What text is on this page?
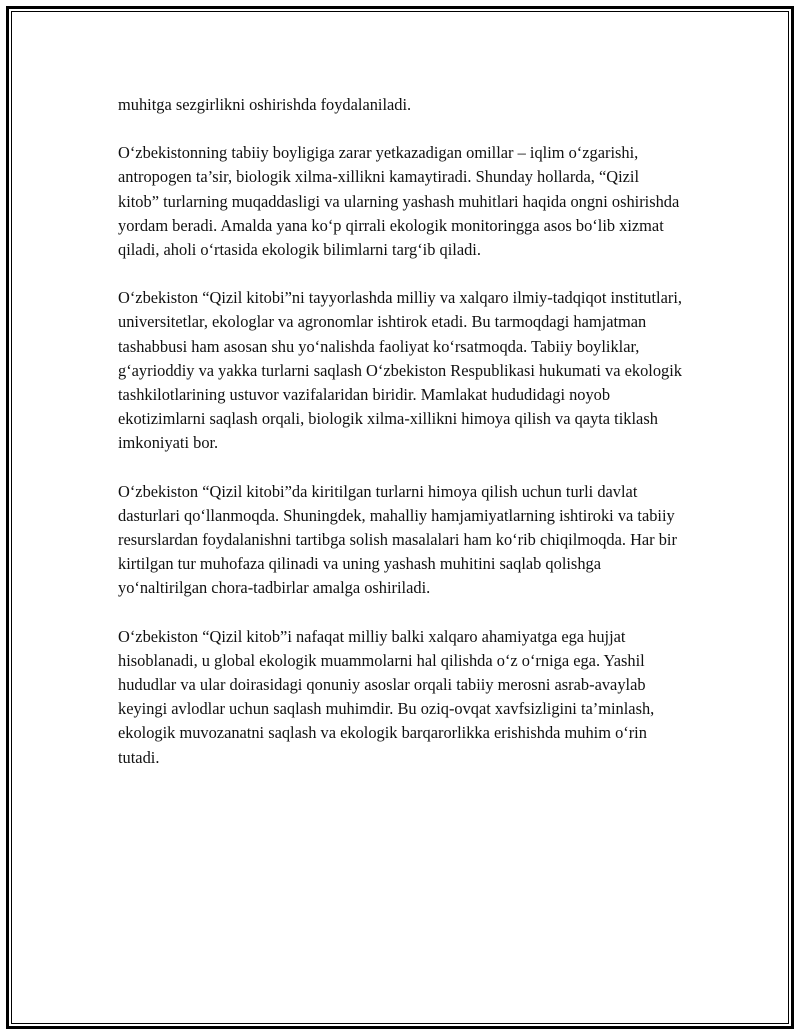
muhitga sezgirlikni oshirishda foydalaniladi.

O‘zbekistonning tabiiy boyligiga zarar yetkazadigan omillar – iqlim o‘zgarishi, antropogen ta’sir, biologik xilma-xillikni kamaytiradi. Shunday hollarda, “Qizil kitob” turlarning muqaddasligi va ularning yashash muhitlari haqida ongni oshirishda yordam beradi. Amalda yana ko‘p qirrali ekologik monitoringga asos bo‘lib xizmat qiladi, aholi o‘rtasida ekologik bilimlarni targ‘ib qiladi.

O‘zbekiston “Qizil kitobi”ni tayyorlashda milliy va xalqaro ilmiy-tadqiqot institutlari, universitetlar, ekologlar va agronomlar ishtirok etadi. Bu tarmoqdagi hamjatman tashabbusi ham asosan shu yo‘nalishda faoliyat ko‘rsatmoqda. Tabiiy boyliklar, g‘ayrioddiy va yakka turlarni saqlash O‘zbekiston Respublikasi hukumati va ekologik tashkilotlarining ustuvor vazifalaridan biridir. Mamlakat hududidagi noyob ekotizimlarni saqlash orqali, biologik xilma-xillikni himoya qilish va qayta tiklash imkoniyati bor.

O‘zbekiston “Qizil kitobi”da kiritilgan turlarni himoya qilish uchun turli davlat dasturlari qo‘llanmoqda. Shuningdek, mahalliy hamjamiyatlarning ishtiroki va tabiiy resurslardan foydalanishni tartibga solish masalalari ham ko‘rib chiqilmoqda. Har bir kirtilgan tur muhofaza qilinadi va uning yashash muhitini saqlab qolishga yo‘naltirilgan chora-tadbirlar amalga oshiriladi.

O‘zbekiston “Qizil kitob”i nafaqat milliy balki xalqaro ahamiyatga ega hujjat hisoblanadi, u global ekologik muammolarni hal qilishda o‘z o‘rniga ega. Yashil hududlar va ular doirasidagi qonuniy asoslar orqali tabiiy merosni asrab-avaylab keyingi avlodlar uchun saqlash muhimdir. Bu oziq-ovqat xavfsizligini ta’minlash, ekologik muvozanatni saqlash va ekologik barqarorlikka erishishda muhim o‘rin tutadi.
